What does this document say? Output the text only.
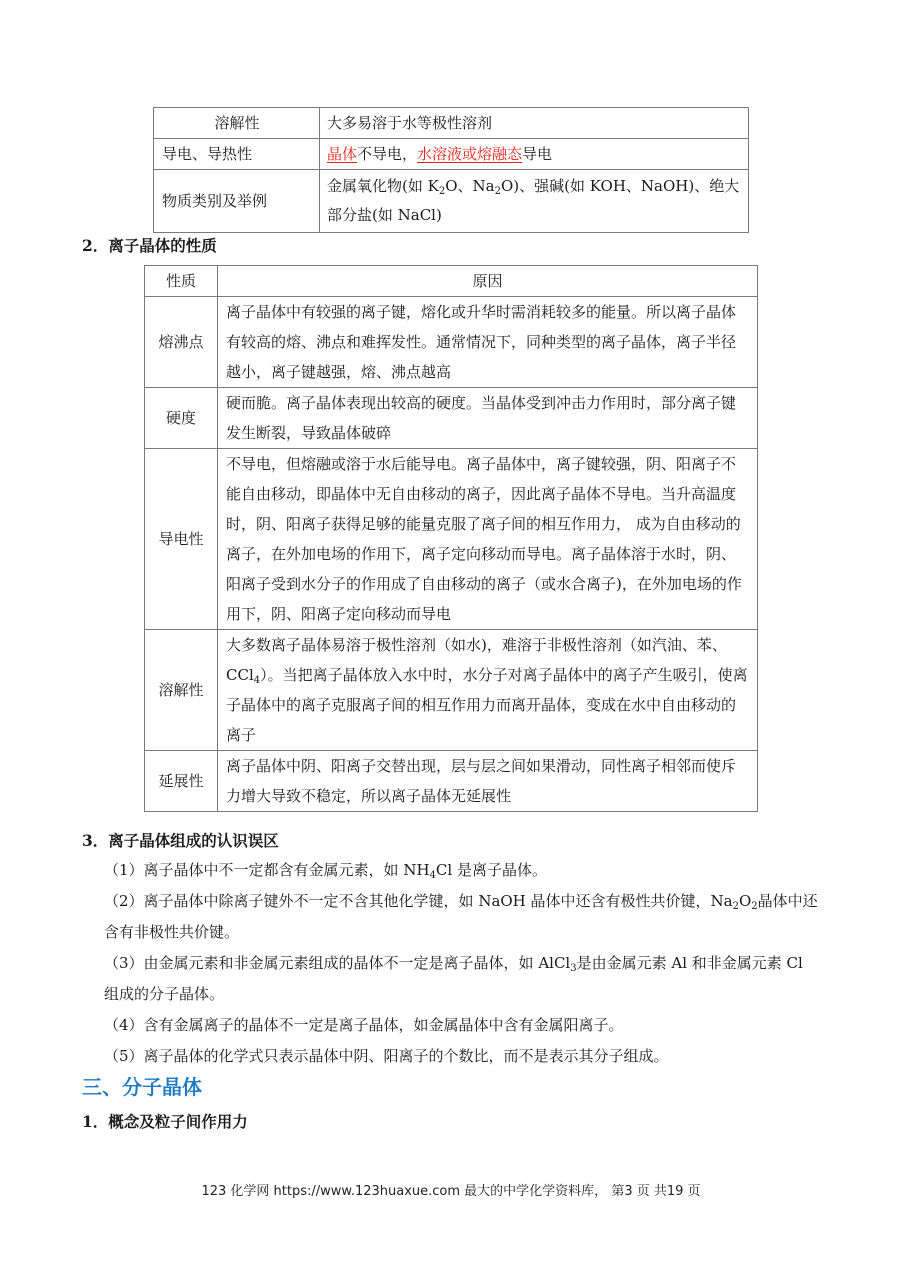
溶解性	大多易溶于水等极性溶剂
导电、导热性	晶体不导电，水溶液或熔融态导电
物质类别及举例	金属氧化物(如 $K_2O$、$Na_2O$)、强碱(如 KOH、NaOH)、绝大部分盐(如 NaCl)
2．离子晶体的性质
性质	原因
熔沸点	离子晶体中有较强的离子键，熔化或升华时需消耗较多的能量。所以离子晶体有较高的熔、沸点和难挥发性。通常情况下，同种类型的离子晶体，离子半径越小，离子键越强，熔、沸点越高
硬度	硬而脆。离子晶体表现出较高的硬度。当晶体受到冲击力作用时，部分离子键发生断裂，导致晶体破碎
导电性	不导电，但熔融或溶于水后能导电。离子晶体中，离子键较强，阴、阳离子不能自由移动，即晶体中无自由移动的离子，因此离子晶体不导电。当升高温度时，阴、阳离子获得足够的能量克服了离子间的相互作用力， 成为自由移动的离子，在外加电场的作用下，离子定向移动而导电。离子晶体溶于水时，阴、阳离子受到水分子的作用成了自由移动的离子（或水合离子)，在外加电场的作用下，阴、阳离子定向移动而导电
溶解性	大多数离子晶体易溶于极性溶剂（如水)，难溶于非极性溶剂（如汽油、苯、CCl$_4$）。当把离子晶体放入水中时，水分子对离子晶体中的离子产生吸引，使离子晶体中的离子克服离子间的相互作用力而离开晶体，变成在水中自由移动的离子
延展性	离子晶体中阴、阳离子交替出现，层与层之间如果滑动，同性离子相邻而使斥力增大导致不稳定，所以离子晶体无延展性
3．离子晶体组成的认识误区
（1）离子晶体中不一定都含有金属元素，如 $NH_4Cl$ 是离子晶体。
（2）离子晶体中除离子键外不一定不含其他化学键，如 NaOH 晶体中还含有极性共价键，$Na_2O_2$晶体中还含有非极性共价键。
（3）由金属元素和非金属元素组成的晶体不一定是离子晶体，如 AlCl$_3$是由金属元素 Al 和非金属元素 Cl 组成的分子晶体。
（4）含有金属离子的晶体不一定是离子晶体，如金属晶体中含有金属阳离子。
（5）离子晶体的化学式只表示晶体中阴、阳离子的个数比，而不是表示其分子组成。
三、分子晶体
1．概念及粒子间作用力
123 化学网 https://www.123huaxue.com 最大的中学化学资料库， 第3 页 共19 页
